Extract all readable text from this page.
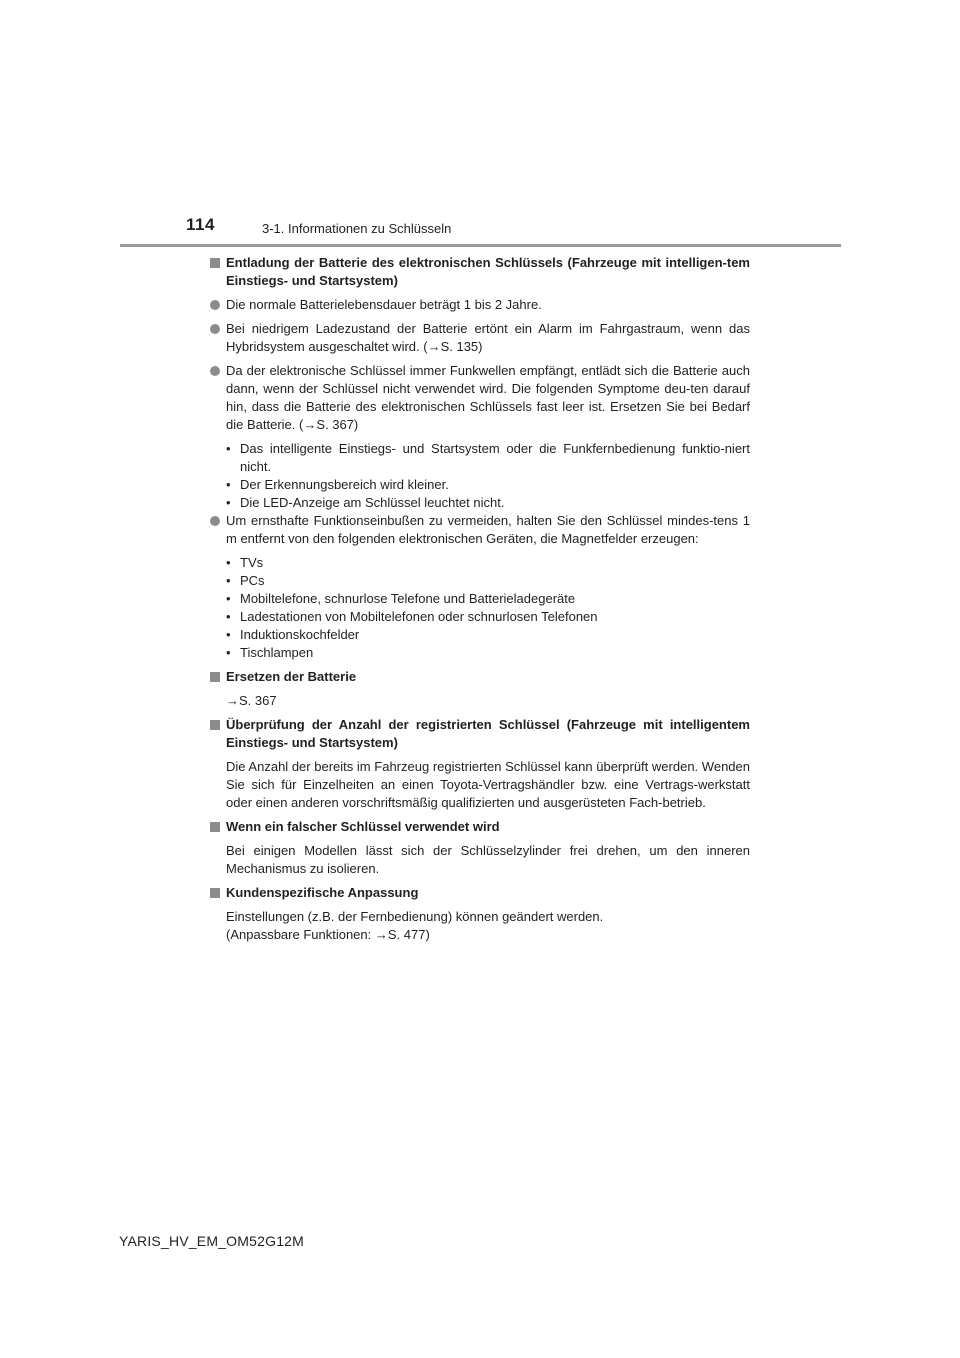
114	3-1. Informationen zu Schlüsseln
Entladung der Batterie des elektronischen Schlüssels (Fahrzeuge mit intelligen-tem Einstiegs- und Startsystem)
Die normale Batterielebensdauer beträgt 1 bis 2 Jahre.
Bei niedrigem Ladezustand der Batterie ertönt ein Alarm im Fahrgastraum, wenn das Hybridsystem ausgeschaltet wird. (→S. 135)
Da der elektronische Schlüssel immer Funkwellen empfängt, entlädt sich die Batterie auch dann, wenn der Schlüssel nicht verwendet wird. Die folgenden Symptome deu-ten darauf hin, dass die Batterie des elektronischen Schlüssels fast leer ist. Ersetzen Sie bei Bedarf die Batterie. (→S. 367)
• Das intelligente Einstiegs- und Startsystem oder die Funkfernbedienung funktio-niert nicht.
• Der Erkennungsbereich wird kleiner.
• Die LED-Anzeige am Schlüssel leuchtet nicht.
Um ernsthafte Funktionseinbußen zu vermeiden, halten Sie den Schlüssel mindes-tens 1 m entfernt von den folgenden elektronischen Geräten, die Magnetfelder erzeugen:
• TVs
• PCs
• Mobiltelefone, schnurlose Telefone und Batterieladegeräte
• Ladestationen von Mobiltelefonen oder schnurlosen Telefonen
• Induktionskochfelder
• Tischlampen
Ersetzen der Batterie
→S. 367
Überprüfung der Anzahl der registrierten Schlüssel (Fahrzeuge mit intelligentem Einstiegs- und Startsystem)
Die Anzahl der bereits im Fahrzeug registrierten Schlüssel kann überprüft werden. Wenden Sie sich für Einzelheiten an einen Toyota-Vertragshändler bzw. eine Vertrags-werkstatt oder einen anderen vorschriftsmäßig qualifizierten und ausgerüsteten Fach-betrieb.
Wenn ein falscher Schlüssel verwendet wird
Bei einigen Modellen lässt sich der Schlüsselzylinder frei drehen, um den inneren Mechanismus zu isolieren.
Kundenspezifische Anpassung
Einstellungen (z.B. der Fernbedienung) können geändert werden.
(Anpassbare Funktionen: →S. 477)
YARIS_HV_EM_OM52G12M
